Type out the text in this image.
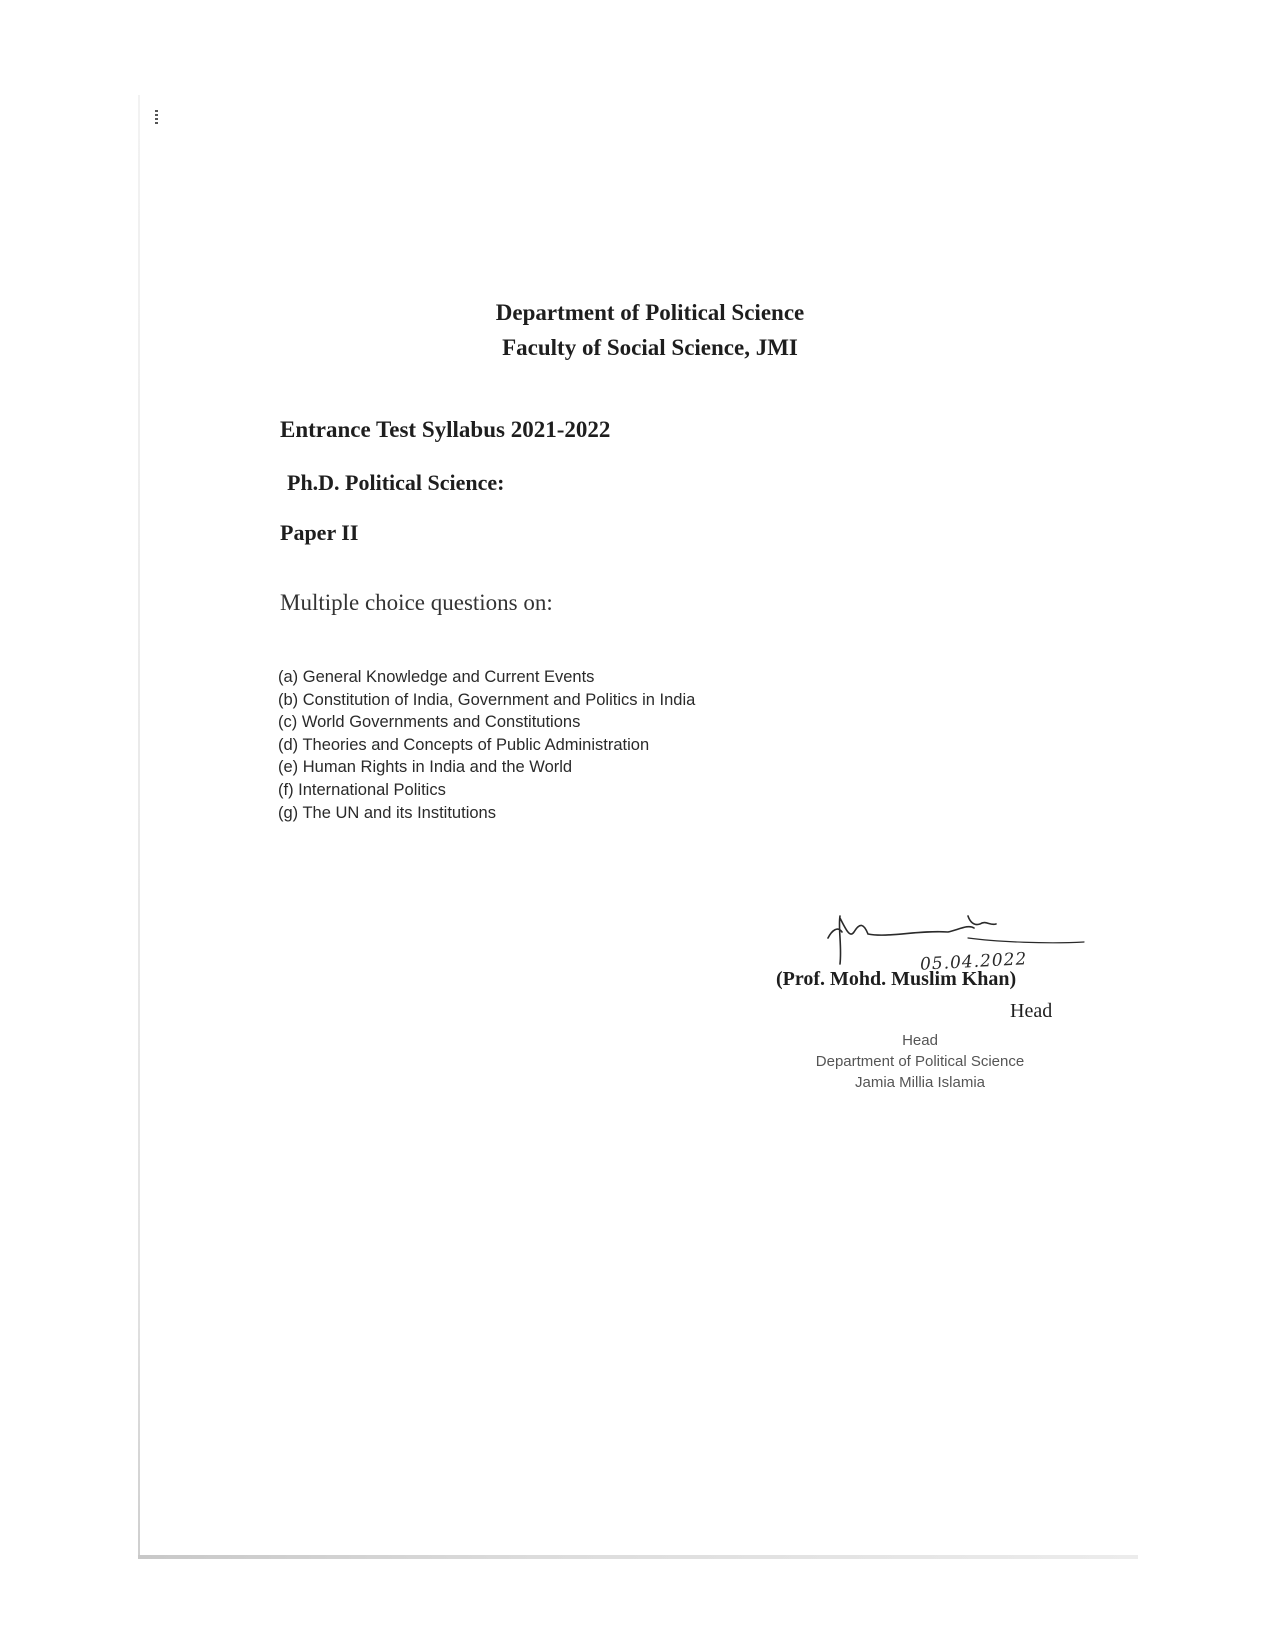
Department of Political Science
Faculty of Social Science, JMI
Entrance Test Syllabus 2021-2022
Ph.D. Political Science:
Paper II
Multiple choice questions on:
(a) General Knowledge and Current Events
(b) Constitution of India, Government and Politics in India
(c) World Governments and Constitutions
(d) Theories and Concepts of Public Administration
(e) Human Rights in India and the World
(f) International Politics
(g) The UN and its Institutions
05.04.2022
(Prof. Mohd. Muslim Khan)
Head
Head
Department of Political Science
Jamia Millia Islamia
